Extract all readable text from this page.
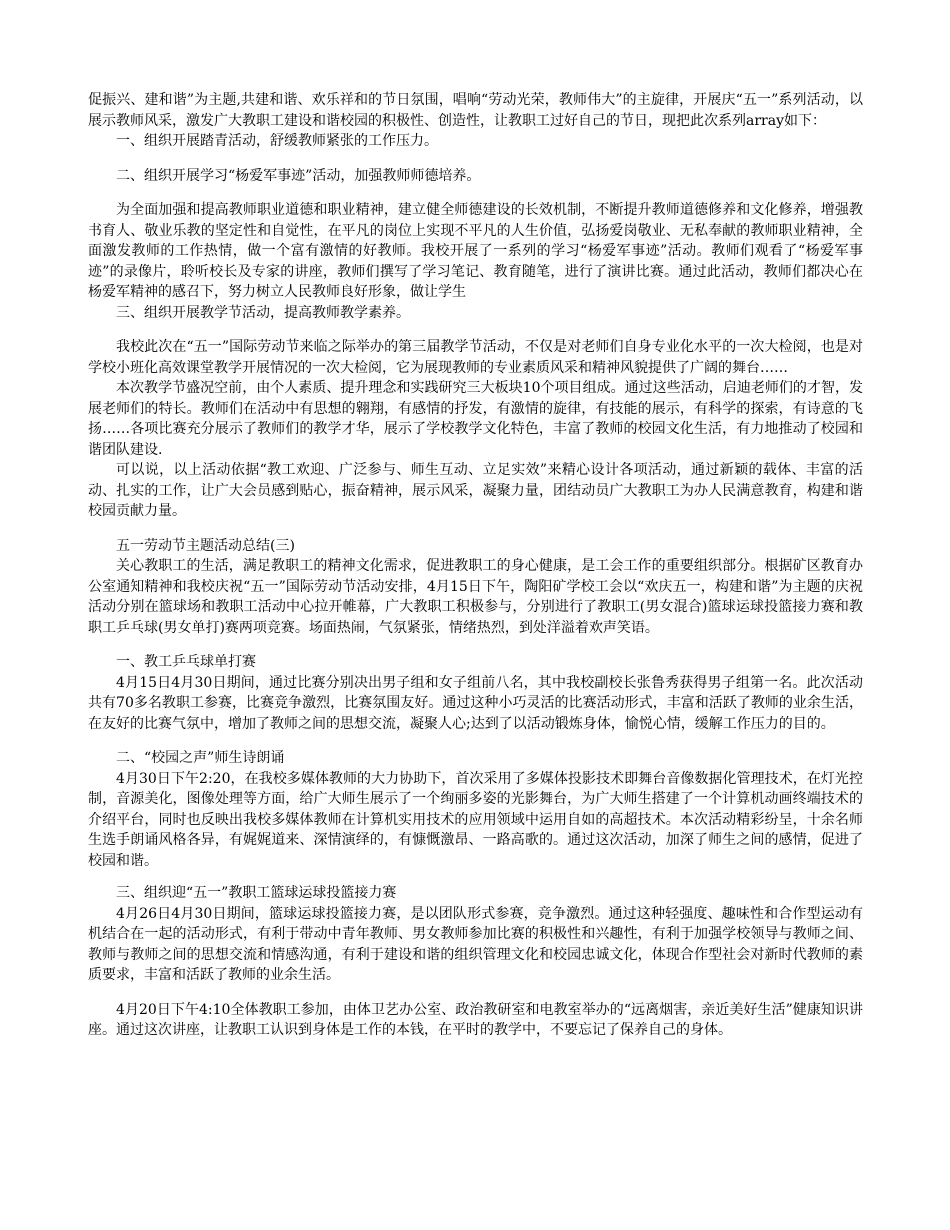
促振兴、建和谐”为主题,共建和谐、欢乐祥和的节日氛围，唱响“劳动光荣，教师伟大”的主旋律，开展庆“五一”系列活动，以展示教师风采，激发广大教职工建设和谐校园的积极性、创造性，让教职工过好自己的节日，现把此次系列array如下：

一、组织开展踏青活动，舒缓教师紧张的工作压力。

二、组织开展学习“杨爱军事迹”活动，加强教师师德培养。

为全面加强和提高教师职业道德和职业精神，建立健全师德建设的长效机制，不断提升教师道德修养和文化修养，增强教书育人、敬业乐教的坚定性和自觉性，在平凡的岗位上实现不平凡的人生价值，弘扬爱岗敬业、无私奉献的教师职业精神，全面激发教师的工作热情，做一个富有激情的好教师。我校开展了一系列的学习“杨爱军事迹”活动。教师们观看了“杨爱军事迹”的录像片，聆听校长及专家的讲座，教师们撰写了学习笔记、教育随笔，进行了演讲比赛。通过此活动，教师们都决心在杨爱军精神的感召下，努力树立人民教师良好形象，做让学生

三、组织开展教学节活动，提高教师教学素养。

我校此次在“五一”国际劳动节来临之际举办的第三届教学节活动，不仅是对老师们自身专业化水平的一次大检阅，也是对学校小班化高效课堂教学开展情况的一次大检阅，它为展现教师的专业素质风采和精神风貌提供了广阔的舞台……

本次教学节盛况空前，由个人素质、提升理念和实践研究三大板块10个项目组成。通过这些活动，启迪老师们的才智，发展老师们的特长。教师们在活动中有思想的翱翔，有感情的抒发，有激情的旋律，有技能的展示，有科学的探索，有诗意的飞扬……各项比赛充分展示了教师们的教学才华，展示了学校教学文化特色，丰富了教师的校园文化生活，有力地推动了校园和谐团队建设.

可以说，以上活动依据“教工欢迎、广泛参与、师生互动、立足实效”来精心设计各项活动，通过新颖的载体、丰富的活动、扎实的工作，让广大会员感到贴心，振奋精神，展示风采，凝聚力量，团结动员广大教职工为办人民满意教育，构建和谐校园贡献力量。

五一劳动节主题活动总结(三)

关心教职工的生活，满足教职工的精神文化需求，促进教职工的身心健康，是工会工作的重要组织部分。根据矿区教育办公室通知精神和我校庆祝“五一”国际劳动节活动安排，4月15日下午，陶阳矿学校工会以“欢庆五一，构建和谐”为主题的庆祝活动分别在篮球场和教职工活动中心拉开帷幕，广大教职工积极参与，分别进行了教职工(男女混合)篮球运球投篮接力赛和教职工乒乓球(男女单打)赛两项竞赛。场面热闹，气氛紧张，情绪热烈，到处洋溢着欢声笑语。

一、教工乒乓球单打赛

4月15日4月30日期间，通过比赛分别决出男子组和女子组前八名，其中我校副校长张鲁秀获得男子组第一名。此次活动共有70多名教职工参赛，比赛竞争激烈，比赛氛围友好。通过这种小巧灵活的比赛活动形式，丰富和活跃了教师的业余生活，在友好的比赛气氛中，增加了教师之间的思想交流，凝聚人心;达到了以活动锻炼身体，愉悦心情，缓解工作压力的目的。

二、“校园之声”师生诗朗诵

4月30日下午2:20，在我校多媒体教师的大力协助下，首次采用了多媒体投影技术即舞台音像数据化管理技术，在灯光控制，音源美化，图像处理等方面，给广大师生展示了一个绚丽多姿的光影舞台，为广大师生搭建了一个计算机动画终端技术的介绍平台，同时也反映出我校多媒体教师在计算机实用技术的应用领域中运用自如的高超技术。本次活动精彩纷呈，十余名师生选手朗诵风格各异，有娓娓道来、深情演绎的，有慷慨激昂、一路高歌的。通过这次活动，加深了师生之间的感情，促进了校园和谐。

三、组织迎“五一”教职工篮球运球投篮接力赛

4月26日4月30日期间，篮球运球投篮接力赛，是以团队形式参赛，竞争激烈。通过这种轻强度、趣味性和合作型运动有机结合在一起的活动形式，有利于带动中青年教师、男女教师参加比赛的积极性和兴趣性，有利于加强学校领导与教师之间、教师与教师之间的思想交流和情感沟通，有利于建设和谐的组织管理文化和校园忠诚文化，体现合作型社会对新时代教师的素质要求，丰富和活跃了教师的业余生活。

4月20日下午4:10全体教职工参加，由体卫艺办公室、政治教研室和电教室举办的“远离烟害，亲近美好生活”健康知识讲座。通过这次讲座，让教职工认识到身体是工作的本钱，在平时的教学中，不要忘记了保养自己的身体。
